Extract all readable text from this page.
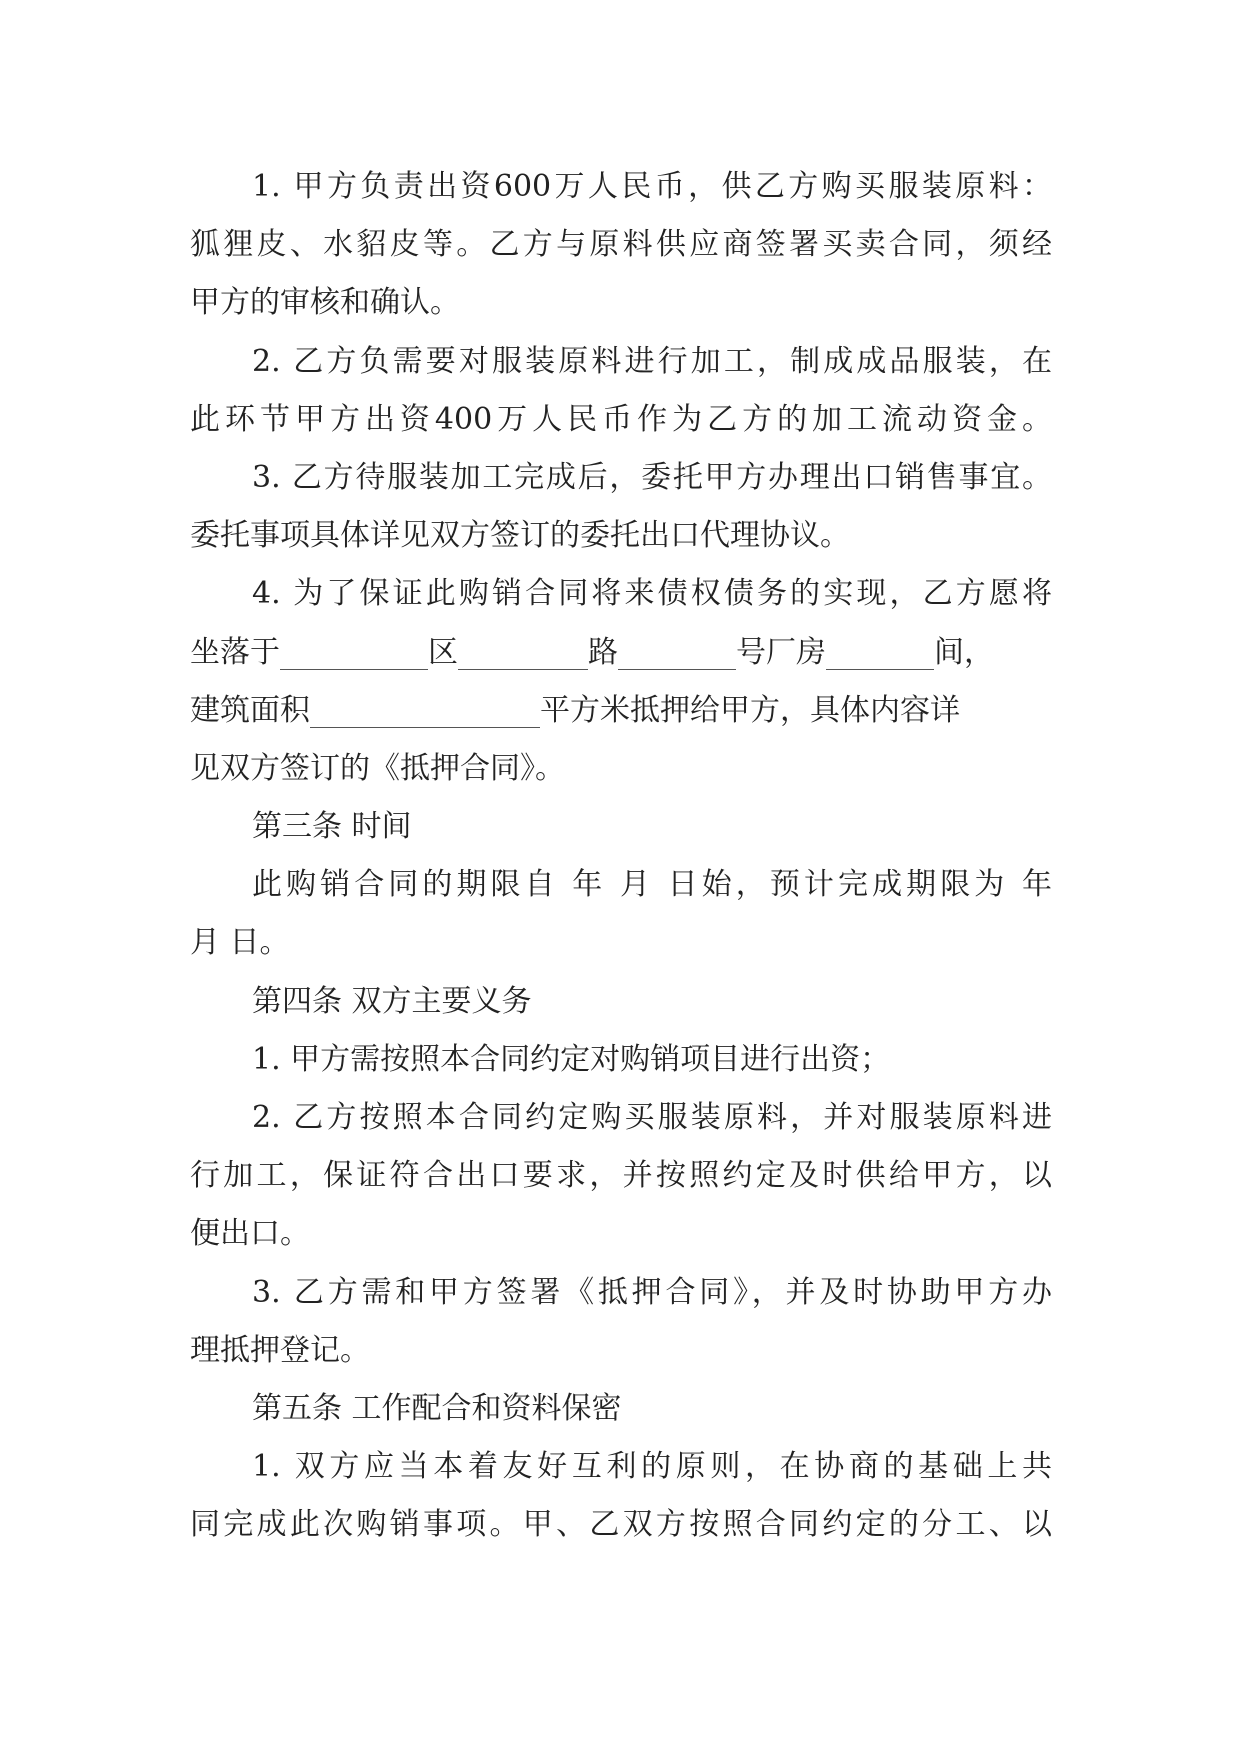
1. 甲方负责出资600万人民币，供乙方购买服装原料：
狐狸皮、水貂皮等。乙方与原料供应商签署买卖合同，须经
甲方的审核和确认。
2. 乙方负需要对服装原料进行加工，制成成品服装，在
此环节甲方出资400万人民币作为乙方的加工流动资金。
3. 乙方待服装加工完成后，委托甲方办理出口销售事宜。
委托事项具体详见双方签订的委托出口代理协议。
4. 为了保证此购销合同将来债权债务的实现，乙方愿将
坐落于	区	路	号厂房	间，
建筑面积	平方米抵押给甲方，具体内容详
见双方签订的《抵押合同》。
第三条 时间
此购销合同的期限自 年 月 日始，预计完成期限为 年
月 日。
第四条 双方主要义务
1. 甲方需按照本合同约定对购销项目进行出资；
2. 乙方按照本合同约定购买服装原料，并对服装原料进
行加工，保证符合出口要求，并按照约定及时供给甲方，以
便出口。
3. 乙方需和甲方签署《抵押合同》，并及时协助甲方办
理抵押登记。
第五条 工作配合和资料保密
1. 双方应当本着友好互利的原则，在协商的基础上共
同完成此次购销事项。甲、乙双方按照合同约定的分工、以
